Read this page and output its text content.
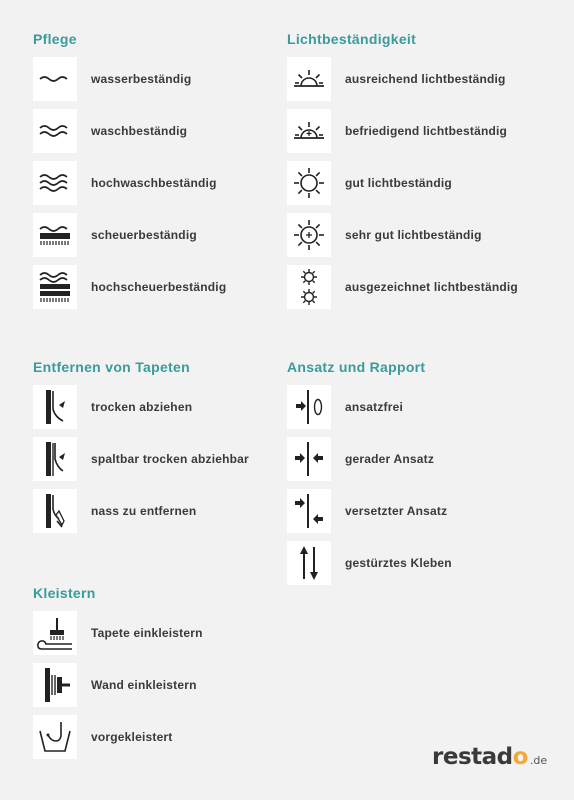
Pflege
wasserbeständig
waschbeständig
hochwaschbeständig
scheuerbeständig
hochscheuerbeständig
Lichtbeständigkeit
ausreichend lichtbeständig
befriedigend lichtbeständig
gut lichtbeständig
sehr gut lichtbeständig
ausgezeichnet lichtbeständig
Entfernen von Tapeten
trocken abziehen
spaltbar trocken abziehbar
nass zu entfernen
Ansatz und Rapport
ansatzfrei
gerader Ansatz
versetzter Ansatz
gestürztes Kleben
Kleistern
Tapete einkleistern
Wand einkleistern
vorgekleistert
restado .de
